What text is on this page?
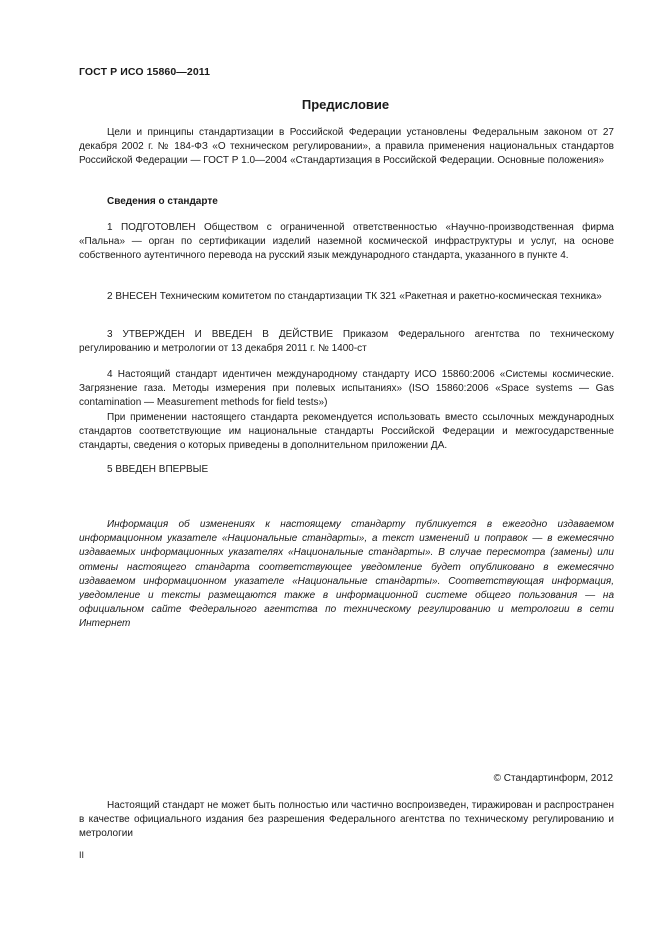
ГОСТ Р ИСО 15860—2011
Предисловие

Цели и принципы стандартизации в Российской Федерации установлены Федеральным законом от 27 декабря 2002 г. № 184-ФЗ «О техническом регулировании», а правила применения национальных стандартов Российской Федерации — ГОСТ Р 1.0—2004 «Стандартизация в Российской Федерации. Основные положения»

Сведения о стандарте

1 ПОДГОТОВЛЕН Обществом с ограниченной ответственностью «Научно-производственная фирма «Пальна» — орган по сертификации изделий наземной космической инфраструктуры и услуг, на основе собственного аутентичного перевода на русский язык международного стандарта, указанного в пункте 4.

2 ВНЕСЕН Техническим комитетом по стандартизации ТК 321 «Ракетная и ракетно-космическая техника»

3 УТВЕРЖДЕН И ВВЕДЕН В ДЕЙСТВИЕ Приказом Федерального агентства по техническому регулированию и метрологии от 13 декабря 2011 г. № 1400-ст

4 Настоящий стандарт идентичен международному стандарту ИСО 15860:2006 «Системы космические. Загрязнение газа. Методы измерения при полевых испытаниях» (ISO 15860:2006 «Space systems — Gas contamination — Measurement methods for field tests»)

При применении настоящего стандарта рекомендуется использовать вместо ссылочных международных стандартов соответствующие им национальные стандарты Российской Федерации и межгосударственные стандарты, сведения о которых приведены в дополнительном приложении ДА.

5 ВВЕДЕН ВПЕРВЫЕ

Информация об изменениях к настоящему стандарту публикуется в ежегодно издаваемом информационном указателе «Национальные стандарты», а текст изменений и поправок — в ежемесячно издаваемых информационных указателях «Национальные стандарты». В случае пересмотра (замены) или отмены настоящего стандарта соответствующее уведомление будет опубликовано в ежемесячно издаваемом информационном указателе «Национальные стандарты». Соответствующая информация, уведомление и тексты размещаются также в информационной системе общего пользования — на официальном сайте Федерального агентства по техническому регулированию и метрологии в сети Интернет

© Стандартинформ, 2012

Настоящий стандарт не может быть полностью или частично воспроизведен, тиражирован и распространен в качестве официального издания без разрешения Федерального агентства по техническому регулированию и метрологии

II
